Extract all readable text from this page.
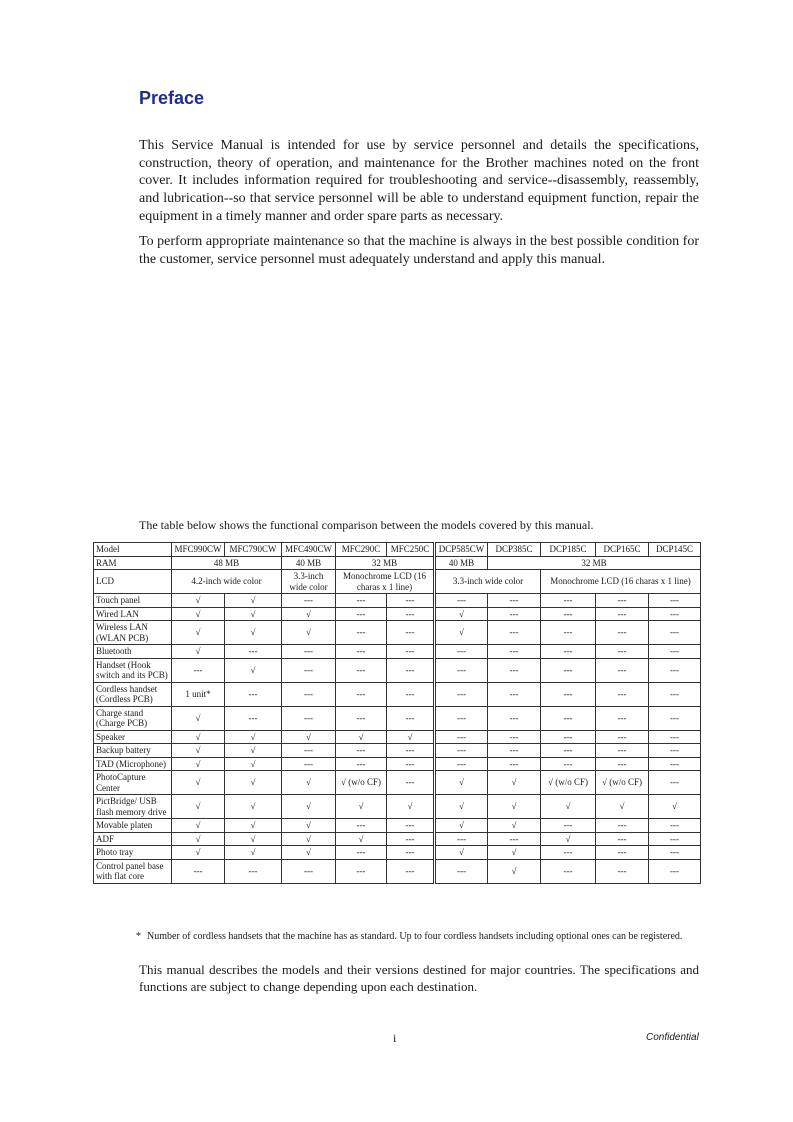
Preface

This Service Manual is intended for use by service personnel and details the specifications, construction, theory of operation, and maintenance for the Brother machines noted on the front cover. It includes information required for troubleshooting and service--disassembly, reassembly, and lubrication--so that service personnel will be able to understand equipment function, repair the equipment in a timely manner and order spare parts as necessary.

To perform appropriate maintenance so that the machine is always in the best possible condition for the customer, service personnel must adequately understand and apply this manual.

The table below shows the functional comparison between the models covered by this manual.

Model	MFC990CW	MFC790CW	MFC490CW	MFC290C	MFC250C	DCP585CW	DCP385C	DCP185C	DCP165C	DCP145C
RAM	48 MB		40 MB	32 MB		40 MB	32 MB			
LCD	4.2-inch wide color		3.3-inch wide color	Monochrome LCD (16 charas x 1 line)		3.3-inch wide color		Monochrome LCD (16 charas x 1 line)		
Touch panel	√	√	---	---	---	---	---	---	---	---
Wired LAN	√	√	√	---	---	√	---	---	---	---
Wireless LAN (WLAN PCB)	√	√	√	---	---	√	---	---	---	---
Bluetooth	√	---	---	---	---	---	---	---	---	---
Handset (Hook switch and its PCB)	---	√	---	---	---	---	---	---	---	---
Cordless handset (Cordless PCB)	1 unit*	---	---	---	---	---	---	---	---	---
Charge stand (Charge PCB)	√	---	---	---	---	---	---	---	---	---
Speaker	√	√	√	√	√	---	---	---	---	---
Backup battery	√	√	---	---	---	---	---	---	---	---
TAD (Microphone)	√	√	---	---	---	---	---	---	---	---
PhotoCapture Center	√	√	√	√ (w/o CF)	---	√	√	√ (w/o CF)	√ (w/o CF)	---
PictBridge/ USB flash memory drive	√	√	√	√	√	√	√	√	√	√
Movable platen	√	√	√	---	---	√	√	---	---	---
ADF	√	√	√	√	---	---	---	√	---	---
Photo tray	√	√	√	---	---	√	√	---	---	---
Control panel base with flat core	---	---	---	---	---	---	√	---	---	---
* Number of cordless handsets that the machine has as standard. Up to four cordless handsets including optional ones can be registered.

This manual describes the models and their versions destined for major countries. The specifications and functions are subject to change depending upon each destination.

i	Confidential
